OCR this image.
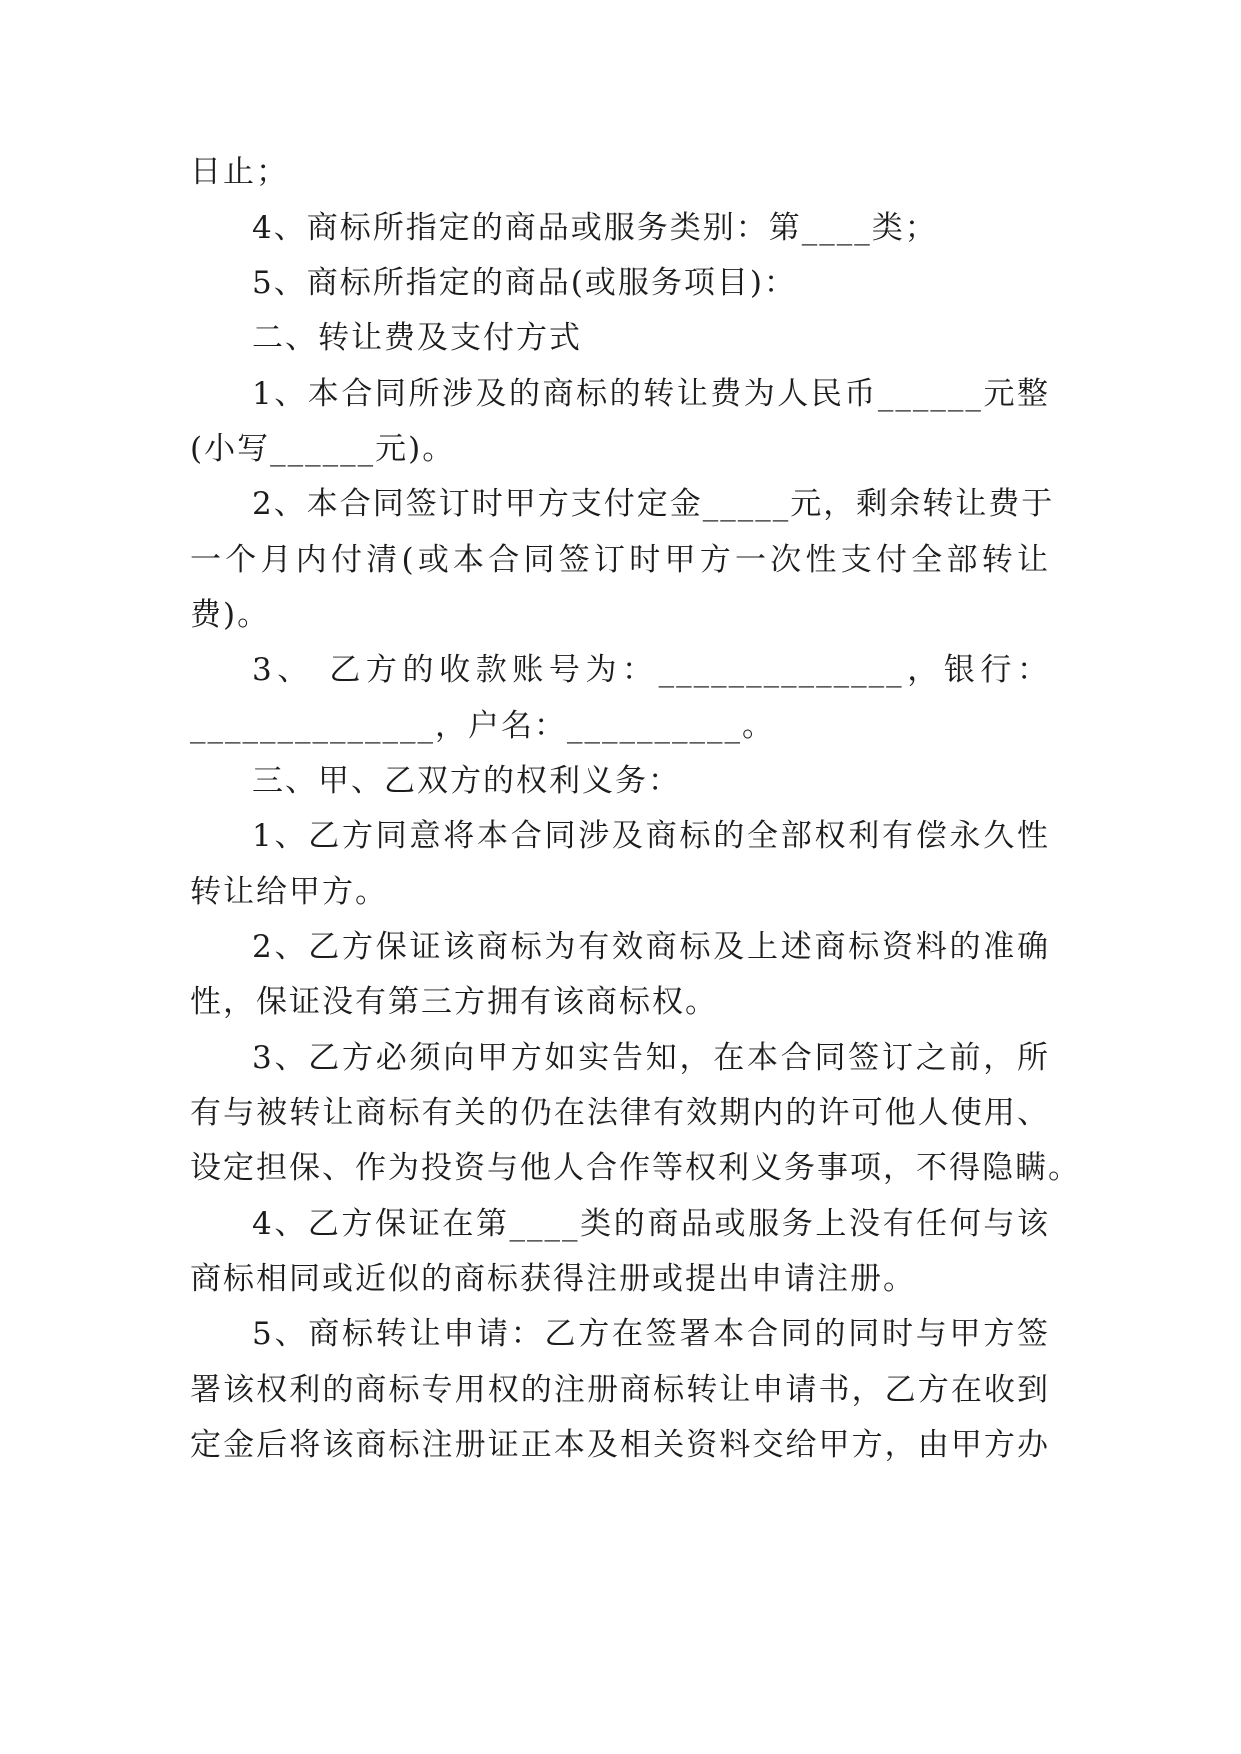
日止；
4、商标所指定的商品或服务类别：第____类；
5、商标所指定的商品(或服务项目)：
二、转让费及支付方式
1、本合同所涉及的商标的转让费为人民币______元整
(小写______元)。
2、本合同签订时甲方支付定金_____元，剩余转让费于
一个月内付清(或本合同签订时甲方一次性支付全部转让
费)。
3、 乙方的收款账号为：______________，银行：
______________，户名：__________。
三、甲、乙双方的权利义务：
1、乙方同意将本合同涉及商标的全部权利有偿永久性
转让给甲方。
2、乙方保证该商标为有效商标及上述商标资料的准确
性，保证没有第三方拥有该商标权。
3、乙方必须向甲方如实告知，在本合同签订之前，所
有与被转让商标有关的仍在法律有效期内的许可他人使用、
设定担保、作为投资与他人合作等权利义务事项，不得隐瞒。
4、乙方保证在第____类的商品或服务上没有任何与该
商标相同或近似的商标获得注册或提出申请注册。
5、商标转让申请：乙方在签署本合同的同时与甲方签
署该权利的商标专用权的注册商标转让申请书，乙方在收到
定金后将该商标注册证正本及相关资料交给甲方，由甲方办
